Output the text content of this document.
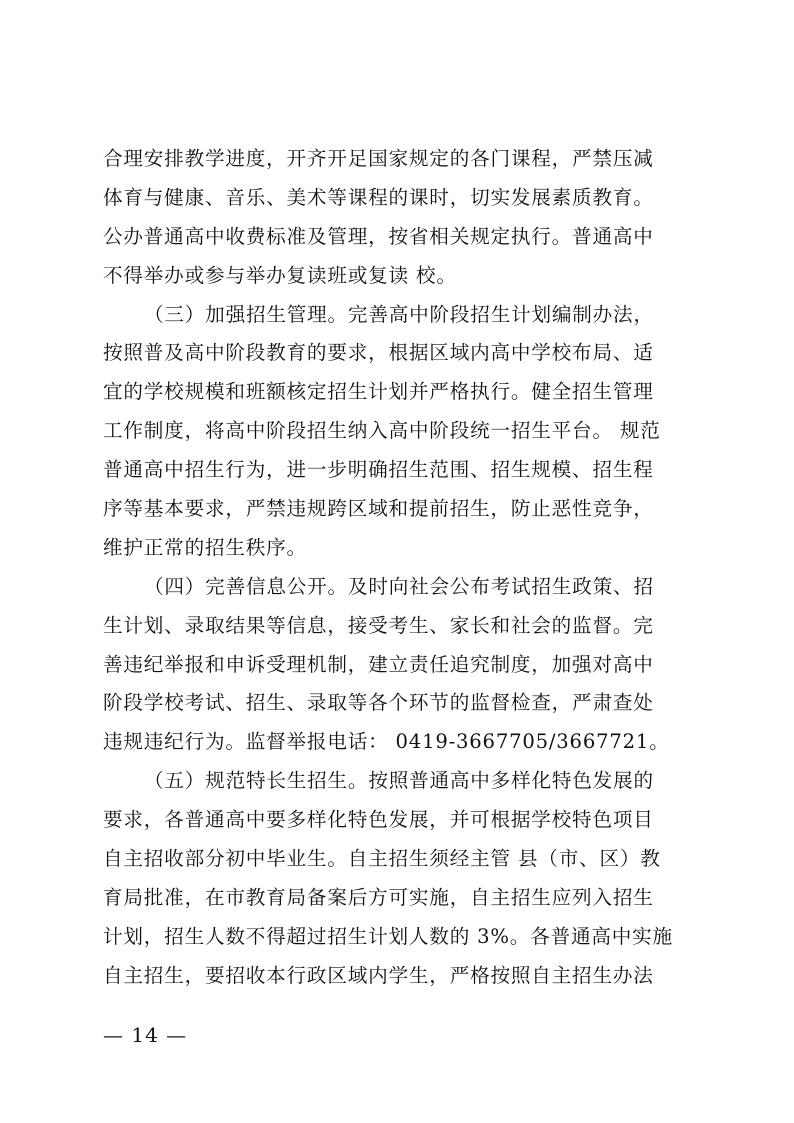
合理安排教学进度，开齐开足国家规定的各门课程，严禁压减
体育与健康、音乐、美术等课程的课时，切实发展素质教育。
公办普通高中收费标准及管理，按省相关规定执行。普通高中
不得举办或参与举办复读班或复读 校。
（三）加强招生管理。完善高中阶段招生计划编制办法，
按照普及高中阶段教育的要求，根据区域内高中学校布局、适
宜的学校规模和班额核定招生计划并严格执行。健全招生管理
工作制度，将高中阶段招生纳入高中阶段统一招生平台。 规范
普通高中招生行为，进一步明确招生范围、招生规模、招生程
序等基本要求，严禁违规跨区域和提前招生，防止恶性竞争，
维护正常的招生秩序。
（四）完善信息公开。及时向社会公布考试招生政策、招
生计划、录取结果等信息，接受考生、家长和社会的监督。完
善违纪举报和申诉受理机制，建立责任追究制度，加强对高中
阶段学校考试、招生、录取等各个环节的监督检查，严肃查处
违规违纪行为。监督举报电话： 0419-3667705/3667721。
（五）规范特长生招生。按照普通高中多样化特色发展的
要求，各普通高中要多样化特色发展，并可根据学校特色项目
自主招收部分初中毕业生。自主招生须经主管 县（市、区）教
育局批准，在市教育局备案后方可实施，自主招生应列入招生
计划，招生人数不得超过招生计划人数的 3%。各普通高中实施
自主招生，要招收本行政区域内学生，严格按照自主招生办法
— 14 —
